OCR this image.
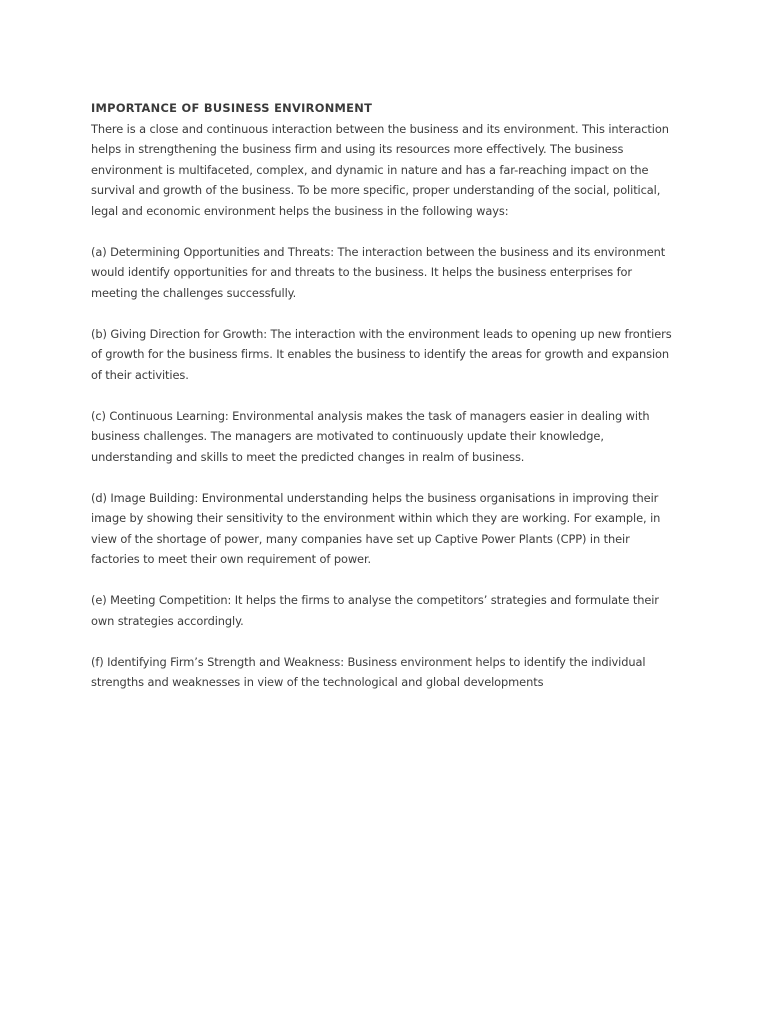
IMPORTANCE OF BUSINESS ENVIRONMENT

There is a close and continuous interaction between the business and its environment. This interaction helps in strengthening the business firm and using its resources more effectively. The business environment is multifaceted, complex, and dynamic in nature and has a far-reaching impact on the survival and growth of the business. To be more specific, proper understanding of the social, political, legal and economic environment helps the business in the following ways:

(a) Determining Opportunities and Threats: The interaction between the business and its environment would identify opportunities for and threats to the business. It helps the business enterprises for meeting the challenges successfully.

(b) Giving Direction for Growth: The interaction with the environment leads to opening up new frontiers of growth for the business firms. It enables the business to identify the areas for growth and expansion of their activities.

(c) Continuous Learning: Environmental analysis makes the task of managers easier in dealing with business challenges. The managers are motivated to continuously update their knowledge, understanding and skills to meet the predicted changes in realm of business.

(d) Image Building: Environmental understanding helps the business organisations in improving their image by showing their sensitivity to the environment within which they are working. For example, in view of the shortage of power, many companies have set up Captive Power Plants (CPP) in their factories to meet their own requirement of power.

(e) Meeting Competition: It helps the firms to analyse the competitors’ strategies and formulate their own strategies accordingly.

(f) Identifying Firm’s Strength and Weakness: Business environment helps to identify the individual strengths and weaknesses in view of the technological and global developments
